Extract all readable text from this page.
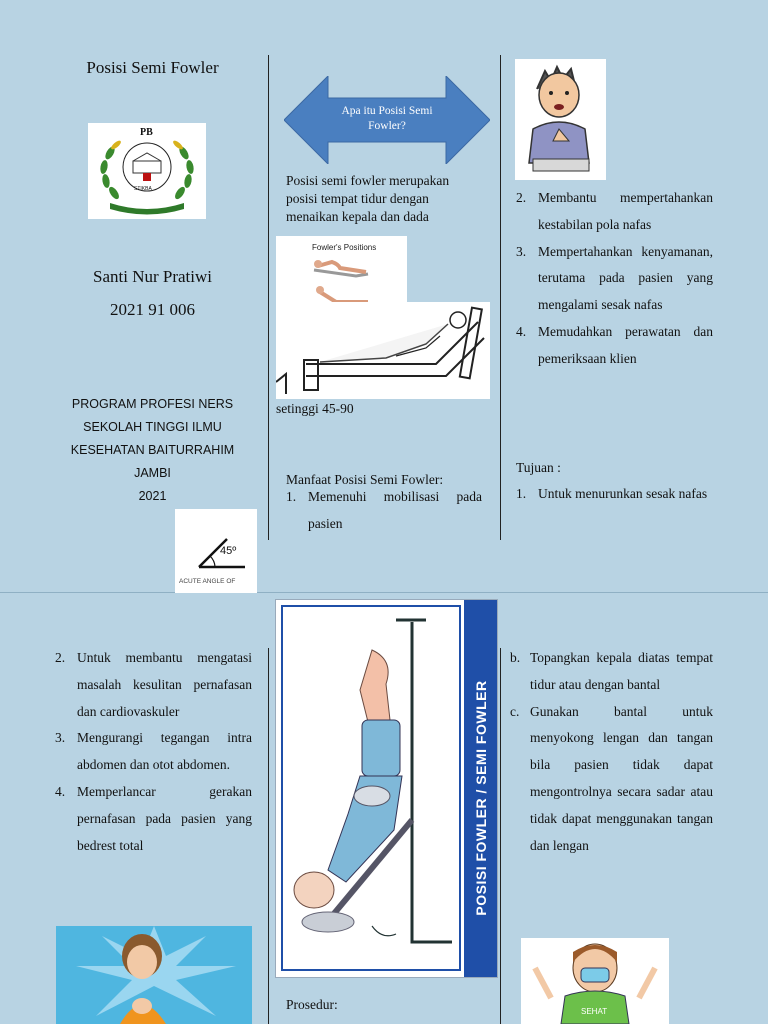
Posisi Semi Fowler
PB
STIKBA
Santi Nur Pratiwi
2021 91 006
PROGRAM PROFESI NERS
SEKOLAH TINGGI ILMU
KESEHATAN BAITURRAHIM
JAMBI
2021
45º
ACUTE ANGLE OF
Apa itu Posisi Semi Fowler?
Posisi semi fowler merupakan posisi tempat tidur dengan menaikan kepala dan dada
Fowler's Positions
setinggi 45-90
Manfaat Posisi Semi Fowler:
1. Memenuhi mobilisasi pada pasien
2. Membantu mempertahankan kestabilan pola nafas
3. Mempertahankan kenyamanan, terutama pada pasien yang mengalami sesak nafas
4. Memudahkan perawatan dan pemeriksaan klien
Tujuan :
1. Untuk menurunkan sesak nafas
2. Untuk membantu mengatasi masalah kesulitan pernafasan dan cardiovaskuler
3. Mengurangi tegangan intra abdomen dan otot abdomen.
4. Memperlancar gerakan pernafasan pada pasien yang bedrest total	POSISI FOWLER / SEMI FOWLER
Prosedur:
b. Topangkan kepala diatas tempat tidur atau dengan bantal
c. Gunakan bantal untuk menyokong lengan dan tangan bila pasien tidak dapat mengontrolnya secara sadar atau tidak dapat menggunakan tangan dan lengan
SEHAT
